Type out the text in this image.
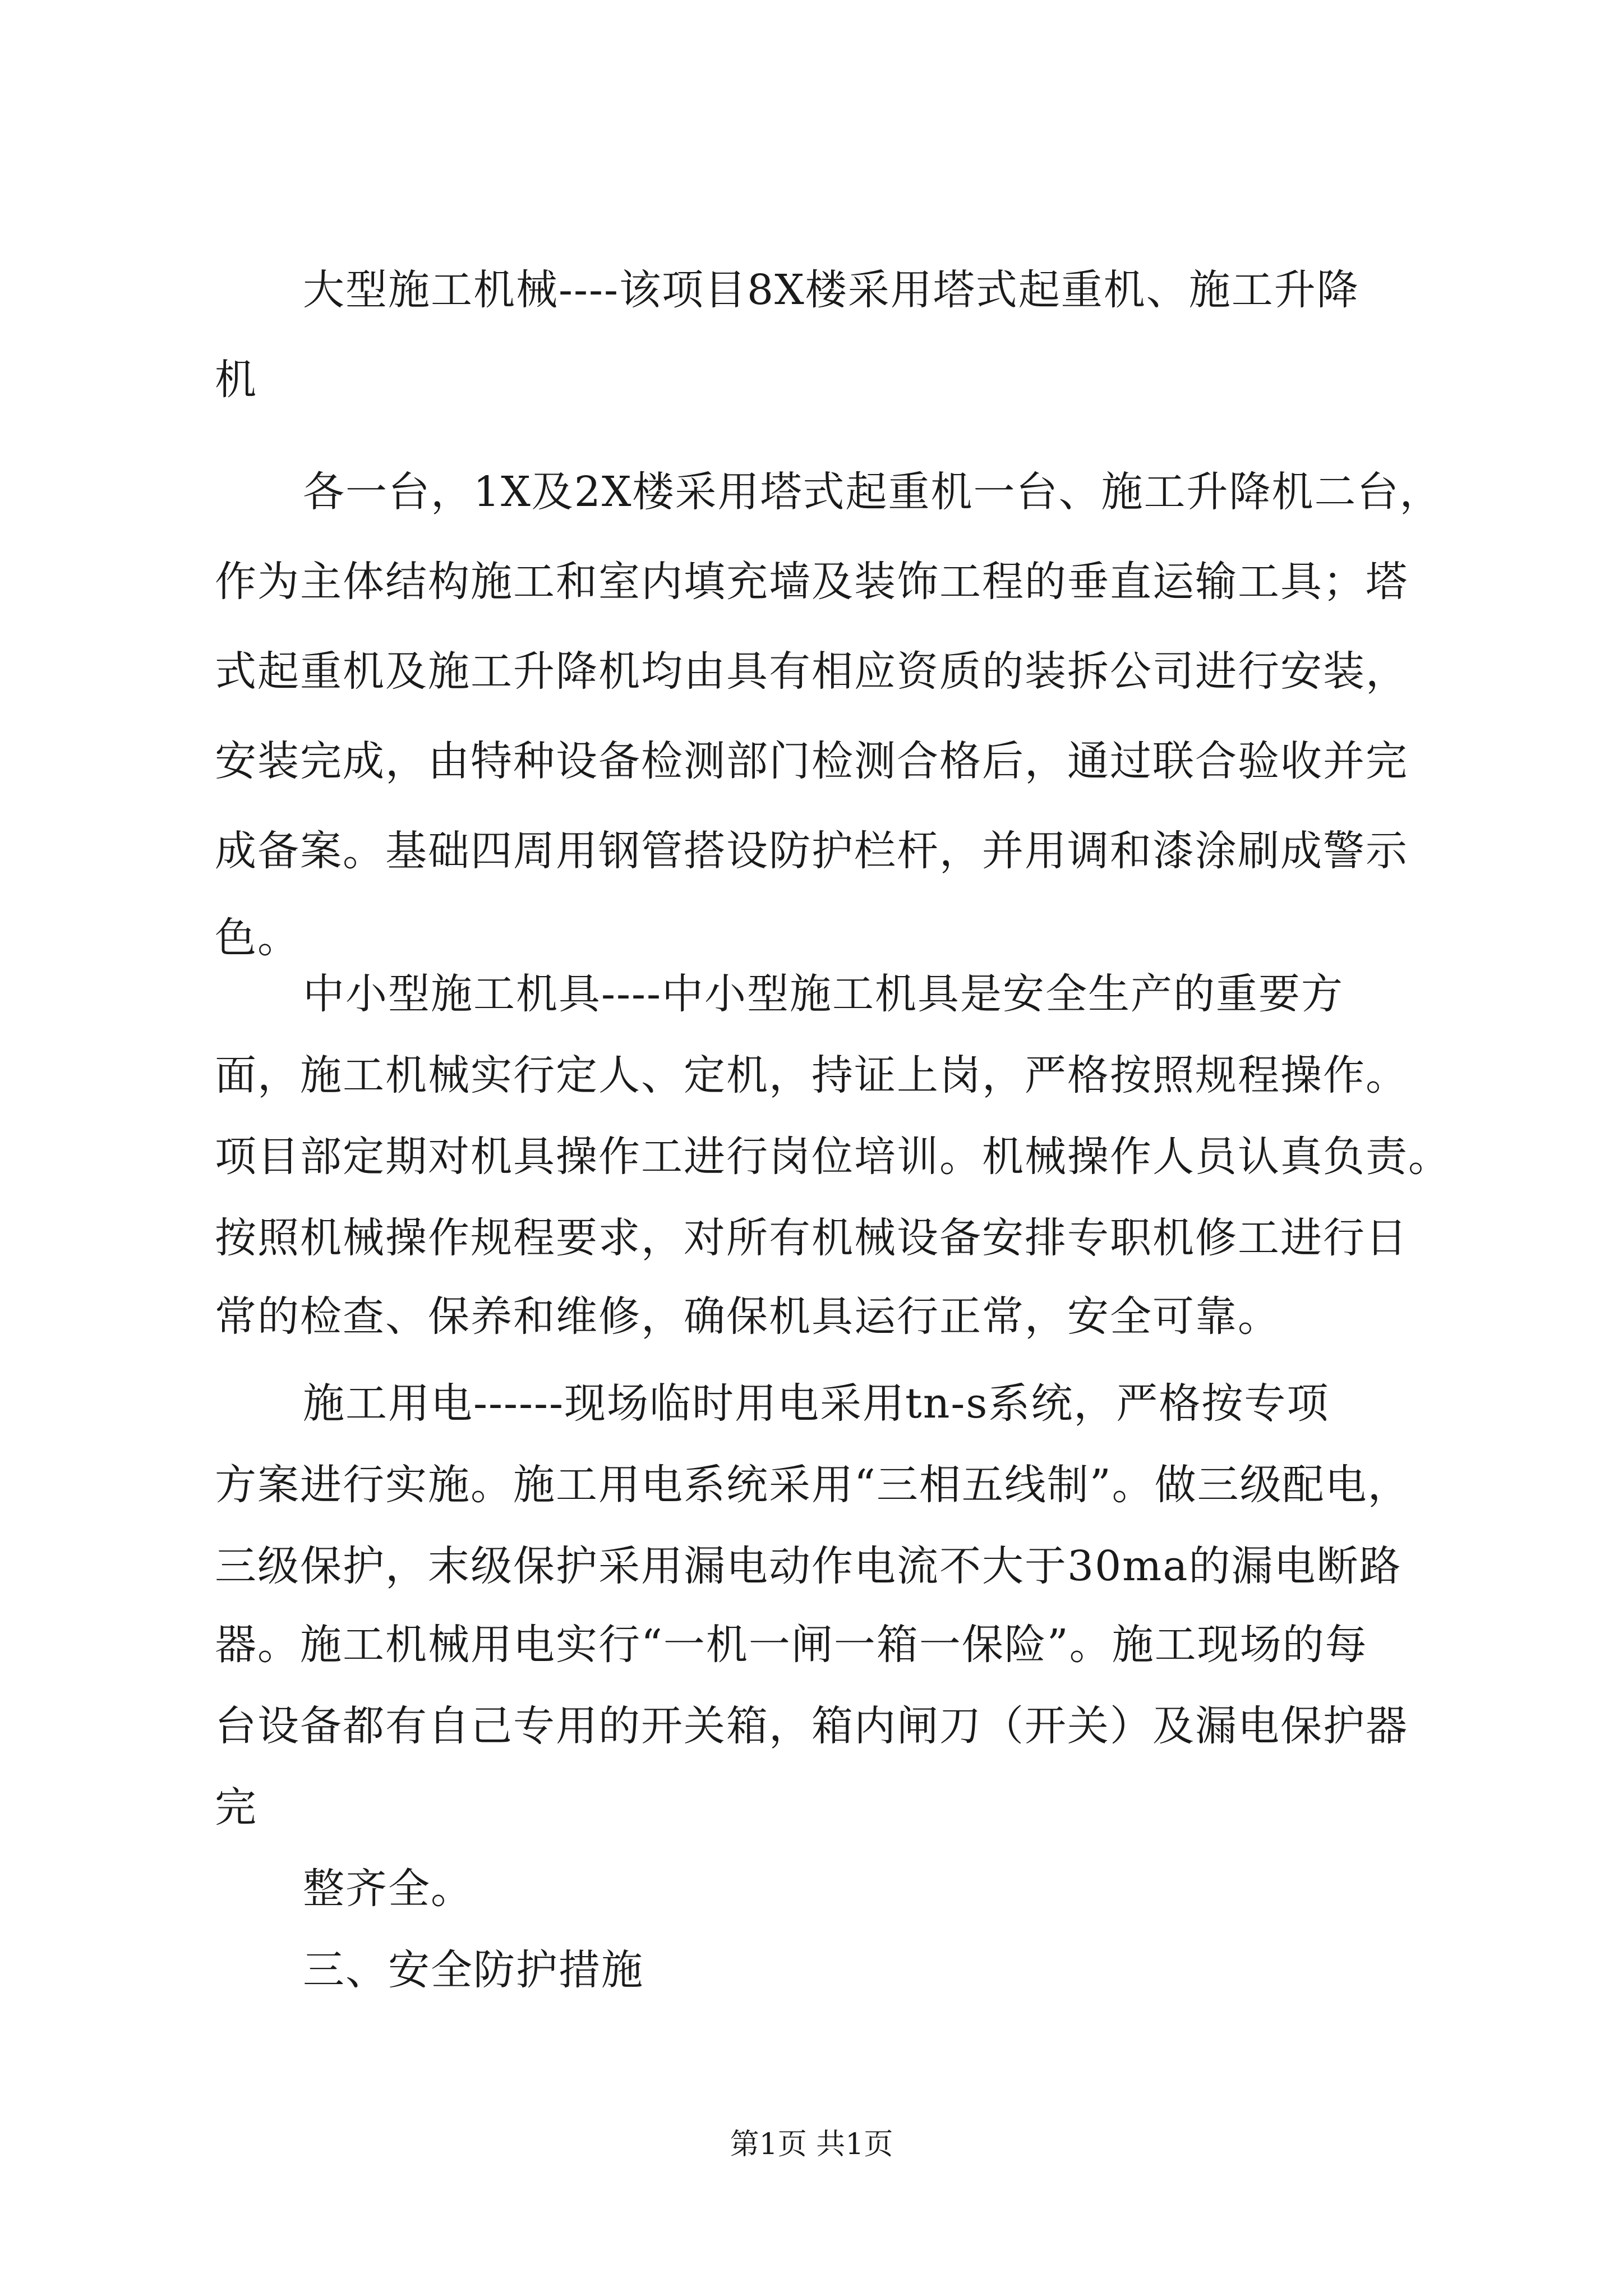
大型施工机械----该项目8X楼采用塔式起重机、施工升降
机
各一台，1X及2X楼采用塔式起重机一台、施工升降机二台，
作为主体结构施工和室内填充墙及装饰工程的垂直运输工具；塔
式起重机及施工升降机均由具有相应资质的装拆公司进行安装，
安装完成，由特种设备检测部门检测合格后，通过联合验收并完
成备案。基础四周用钢管搭设防护栏杆，并用调和漆涂刷成警示
色。
中小型施工机具----中小型施工机具是安全生产的重要方
面，施工机械实行定人、定机，持证上岗，严格按照规程操作。
项目部定期对机具操作工进行岗位培训。机械操作人员认真负责。
按照机械操作规程要求，对所有机械设备安排专职机修工进行日
常的检查、保养和维修，确保机具运行正常，安全可靠。
施工用电------现场临时用电采用tn-s系统，严格按专项
方案进行实施。施工用电系统采用“三相五线制”。做三级配电，
三级保护，末级保护采用漏电动作电流不大于30ma的漏电断路
器。施工机械用电实行“一机一闸一箱一保险”。施工现场的每
台设备都有自己专用的开关箱，箱内闸刀（开关）及漏电保护器
完
整齐全。
三、安全防护措施
第1页 共1页
